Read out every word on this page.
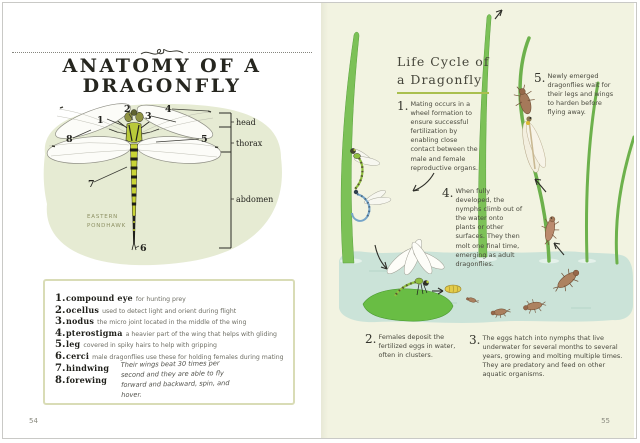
ANATOMY OF A
DRAGONFLY
head
thorax
abdomen
1
2
3
4
5
6
7
8
EASTERN
PONDHAWK
1.compound eye for hunting prey
2.ocellus used to detect light and orient during flight
3.nodus the micro joint located in the middle of the wing
4.pterostigma a heavier part of the wing that helps with gliding
5.leg covered in spiky hairs to help with gripping
6.cerci male dragonflies use these for holding females during mating
7.hindwing
8.forewing
Their wings beat 30 times per second and they are able to fly forward and backward, spin, and hover.
54
Life Cycle of
a Dragonfly
1. Mating occurs in a wheel formation to ensure successful fertilization by enabling close contact between the male and female reproductive organs.
2. Females deposit the fertilized eggs in water, often in clusters.
3. The eggs hatch into nymphs that live underwater for several months to several years, growing and molting multiple times. They are predatory and feed on other aquatic organisms.
4. When fully developed, the nymphs climb out of the water onto plants or other surfaces. They then molt one final time, emerging as adult dragonflies.
5. Newly emerged dragonflies wait for their legs and wings to harden before flying away.
55
